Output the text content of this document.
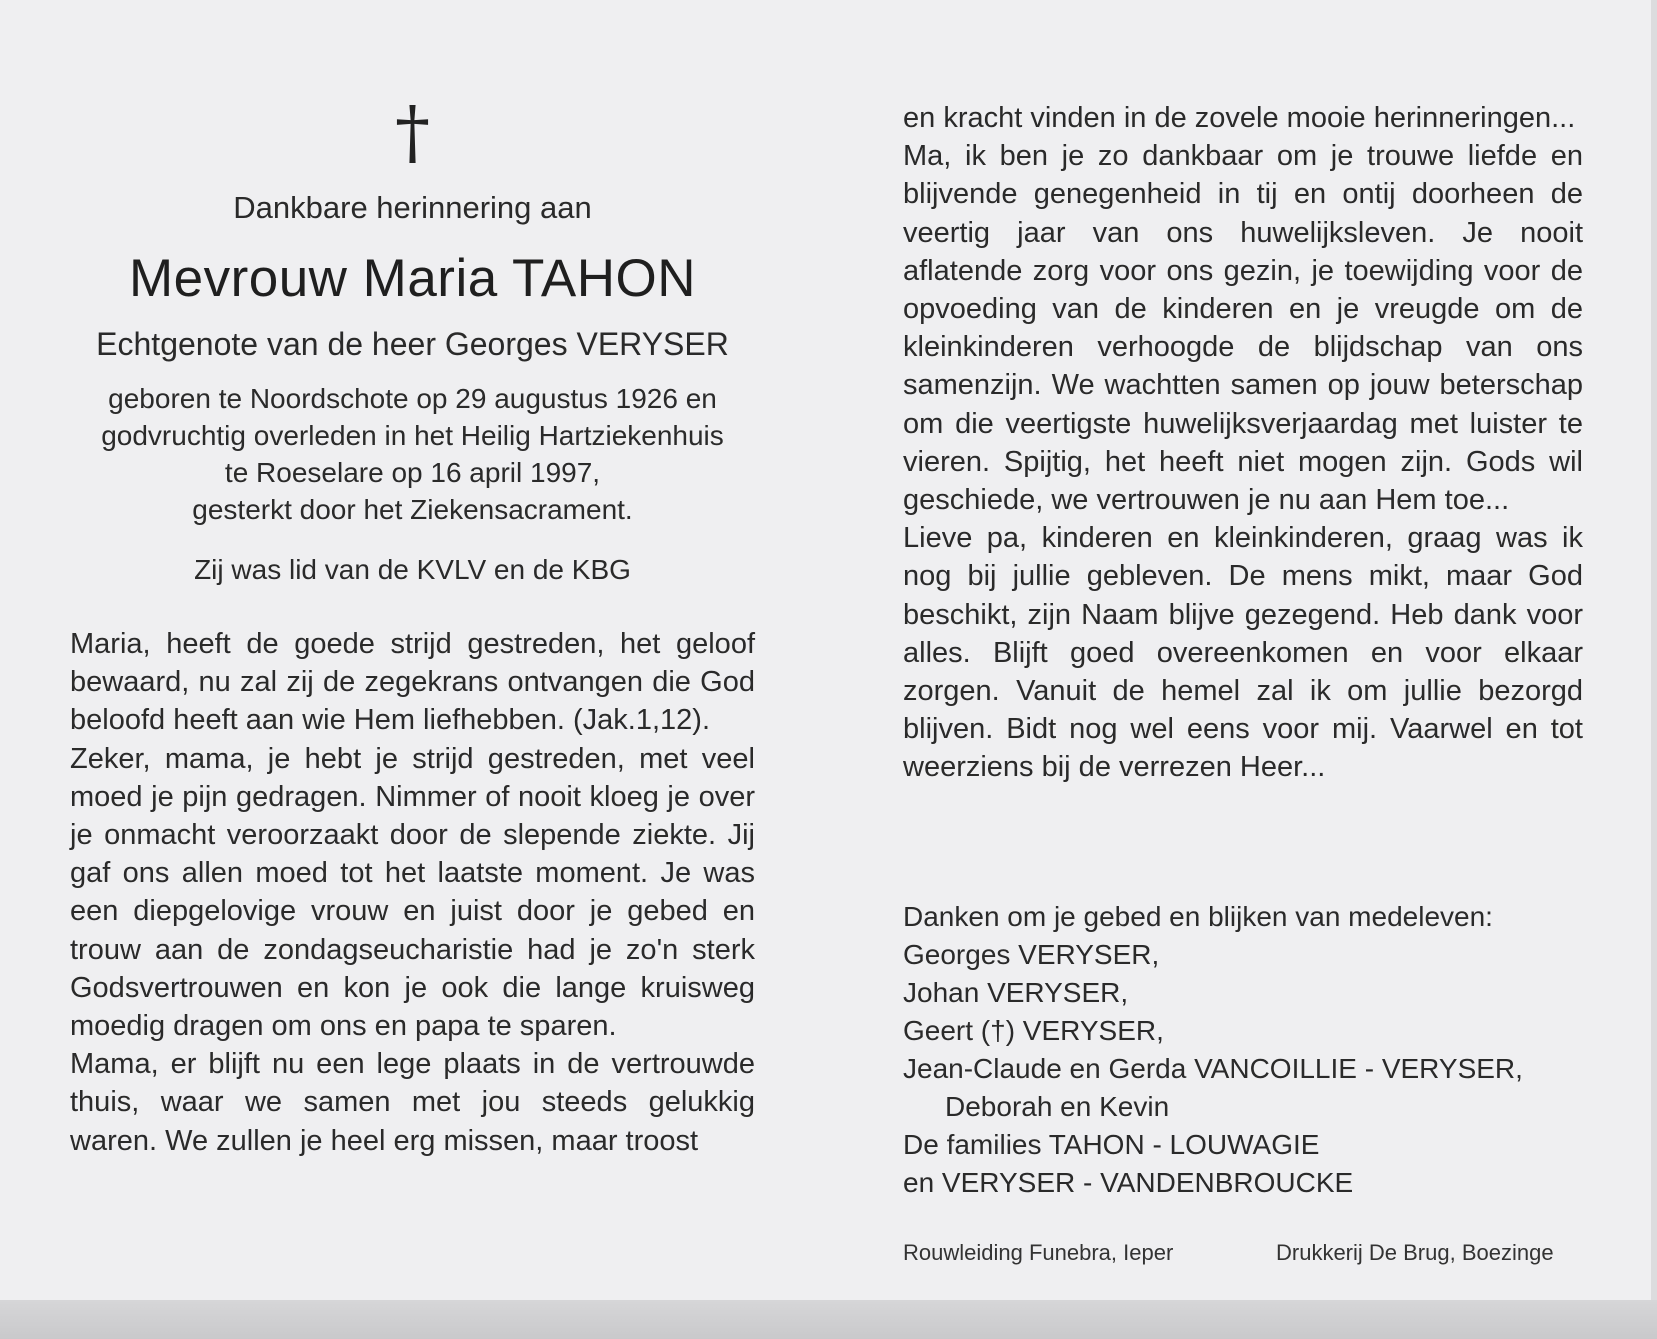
†
Dankbare herinnering aan
Mevrouw Maria TAHON
Echtgenote van de heer Georges VERYSER
geboren te Noordschote op 29 augustus 1926 en
godvruchtig overleden in het Heilig Hartziekenhuis
te Roeselare op 16 april 1997,
gesterkt door het Ziekensacrament.
Zij was lid van de KVLV en de KBG

Maria, heeft de goede strijd gestreden, het geloof bewaard, nu zal zij de zegekrans ontvangen die God beloofd heeft aan wie Hem liefhebben. (Jak.1,12).

Zeker, mama, je hebt je strijd gestreden, met veel moed je pijn gedragen. Nimmer of nooit kloeg je over je onmacht veroorzaakt door de slepende ziekte. Jij gaf ons allen moed tot het laatste moment. Je was een diepgelovige vrouw en juist door je gebed en trouw aan de zondagseucharistie had je zo'n sterk Godsvertrouwen en kon je ook die lange kruisweg moedig dragen om ons en papa te sparen.

Mama, er blijft nu een lege plaats in de vertrouwde thuis, waar we samen met jou steeds gelukkig waren. We zullen je heel erg missen, maar troost

en kracht vinden in de zovele mooie herinneringen...

Ma, ik ben je zo dankbaar om je trouwe liefde en blijvende genegenheid in tij en ontij doorheen de veertig jaar van ons huwelijksleven. Je nooit aflatende zorg voor ons gezin, je toewijding voor de opvoeding van de kinderen en je vreugde om de kleinkinderen verhoogde de blijdschap van ons samenzijn. We wachtten samen op jouw beterschap om die veertigste huwelijksverjaardag met luister te vieren. Spijtig, het heeft niet mogen zijn. Gods wil geschiede, we vertrouwen je nu aan Hem toe...

Lieve pa, kinderen en kleinkinderen, graag was ik nog bij jullie gebleven. De mens mikt, maar God beschikt, zijn Naam blijve gezegend. Heb dank voor alles. Blijft goed overeenkomen en voor elkaar zorgen. Vanuit de hemel zal ik om jullie bezorgd blijven. Bidt nog wel eens voor mij. Vaarwel en tot weerziens bij de verrezen Heer...

Danken om je gebed en blijken van medeleven:
Georges VERYSER,
Johan VERYSER,
Geert (†) VERYSER,
Jean-Claude en Gerda VANCOILLIE - VERYSER,
Deborah en Kevin
De families TAHON - LOUWAGIE
en VERYSER - VANDENBROUCKE
Rouwleiding Funebra, Ieper	Drukkerij De Brug, Boezinge
